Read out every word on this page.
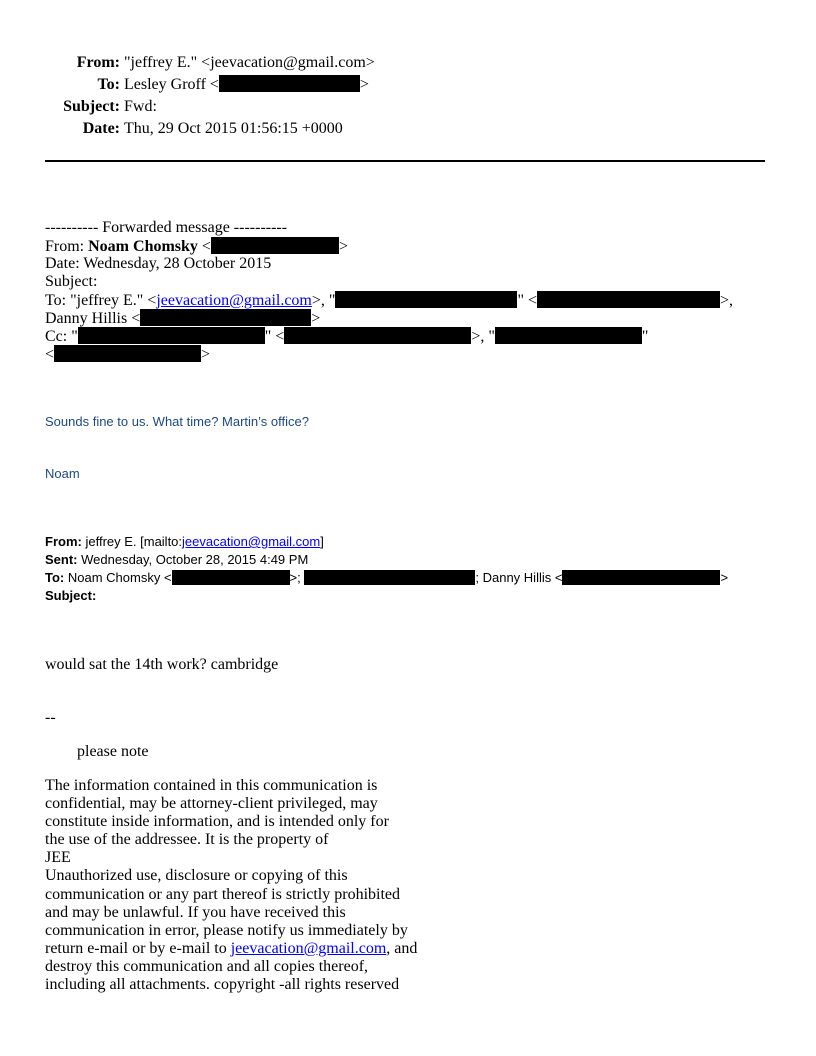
From: "jeffrey E." <jeevacation@gmail.com>
To: Lesley Groff <	>
Subject: Fwd:
Date: Thu, 29 Oct 2015 01:56:15 +0000
---------- Forwarded message ----------
From: Noam Chomsky <	>
Date: Wednesday, 28 October 2015
Subject:
To: "jeffrey E." <jeevacation@gmail.com>, "	" <	>,
Danny Hillis <	>
Cc: "	" <	>, "	"
<	>
Sounds fine to us. What time? Martin’s office?
Noam
From: jeffrey E. [mailto:jeevacation@gmail.com]
Sent: Wednesday, October 28, 2015 4:49 PM
To: Noam Chomsky <	>;	; Danny Hillis <	>
Subject:
would sat the 14th work? cambridge
--
please note
The information contained in this communication is
confidential, may be attorney-client privileged, may
constitute inside information, and is intended only for
the use of the addressee. It is the property of
JEE
Unauthorized use, disclosure or copying of this
communication or any part thereof is strictly prohibited
and may be unlawful. If you have received this
communication in error, please notify us immediately by
return e-mail or by e-mail to jeevacation@gmail.com, and
destroy this communication and all copies thereof,
including all attachments. copyright -all rights reserved
